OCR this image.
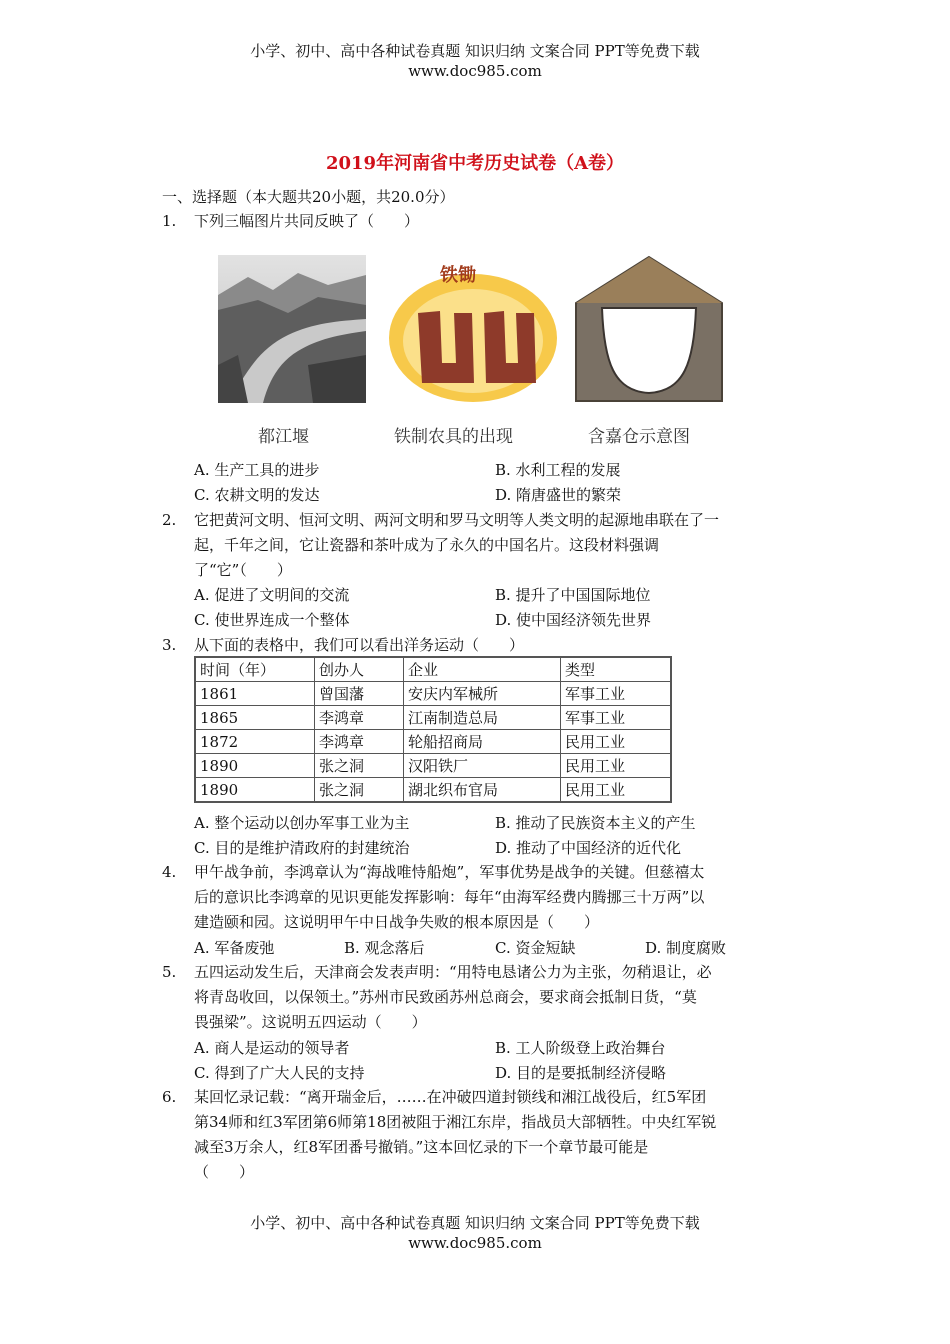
小学、初中、高中各种试卷真题 知识归纳 文案合同 PPT等免费下载
www.doc985.com
2019年河南省中考历史试卷（A卷）
一、选择题（本大题共20小题，共20.0分）
1. 下列三幅图片共同反映了（　　）
都江堰
铁锄
铁制农具的出现	含嘉仓示意图
A. 生产工具的进步	B. 水利工程的发展
C. 农耕文明的发达	D. 隋唐盛世的繁荣
2. 它把黄河文明、恒河文明、两河文明和罗马文明等人类文明的起源地串联在了一
起，千年之间，它让瓷器和茶叶成为了永久的中国名片。这段材料强调
了“它”（　　）
A. 促进了文明间的交流	B. 提升了中国国际地位
C. 使世界连成一个整体	D. 使中国经济领先世界
3. 从下面的表格中，我们可以看出洋务运动（　　）
时间（年）	创办人	企业	类型
1861	曾国藩	安庆内军械所	军事工业
1865	李鸿章	江南制造总局	军事工业
1872	李鸿章	轮船招商局	民用工业
1890	张之洞	汉阳铁厂	民用工业
1890	张之洞	湖北织布官局	民用工业
A. 整个运动以创办军事工业为主	B. 推动了民族资本主义的产生
C. 目的是维护清政府的封建统治	D. 推动了中国经济的近代化
4. 甲午战争前，李鸿章认为“海战唯恃船炮”，军事优势是战争的关键。但慈禧太
后的意识比李鸿章的见识更能发挥影响：每年“由海军经费内腾挪三十万两”以
建造颐和园。这说明甲午中日战争失败的根本原因是（　　）
A. 军备废弛	B. 观念落后	C. 资金短缺	D. 制度腐败
5. 五四运动发生后，天津商会发表声明：“用特电恳诸公力为主张，勿稍退让，必
将青岛收回，以保领土。”苏州市民致函苏州总商会，要求商会抵制日货，“莫
畏强梁”。这说明五四运动（　　）
A. 商人是运动的领导者	B. 工人阶级登上政治舞台
C. 得到了广大人民的支持	D. 目的是要抵制经济侵略
6. 某回忆录记载：“离开瑞金后，……在冲破四道封锁线和湘江战役后，红5军团
第34师和红3军团第6师第18团被阻于湘江东岸，指战员大部牺牲。中央红军锐
减至3万余人，红8军团番号撤销。”这本回忆录的下一个章节最可能是
（　　）
小学、初中、高中各种试卷真题 知识归纳 文案合同 PPT等免费下载
www.doc985.com
